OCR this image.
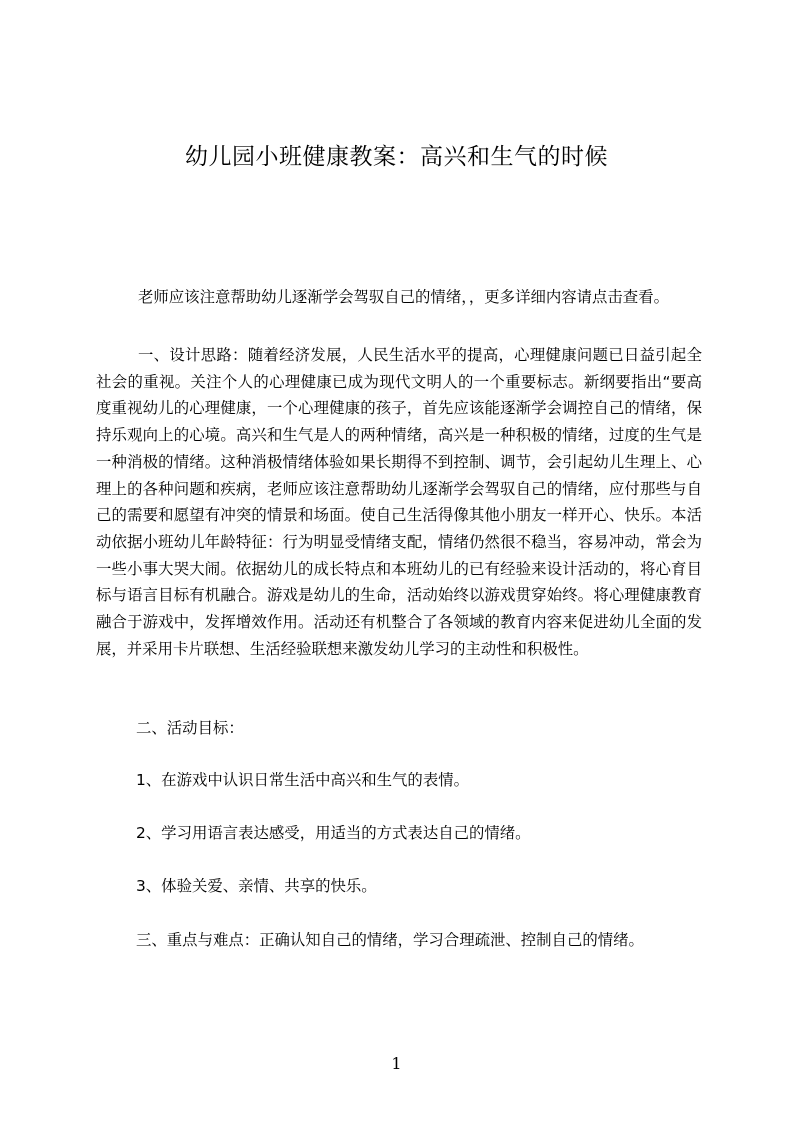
幼儿园小班健康教案：高兴和生气的时候

老师应该注意帮助幼儿逐渐学会驾驭自己的情绪，，更多详细内容请点击查看。

一、设计思路：随着经济发展，人民生活水平的提高，心理健康问题已日益引起全社会的重视。关注个人的心理健康已成为现代文明人的一个重要标志。新纲要指出“要高度重视幼儿的心理健康，一个心理健康的孩子，首先应该能逐渐学会调控自己的情绪，保持乐观向上的心境。高兴和生气是人的两种情绪，高兴是一种积极的情绪，过度的生气是一种消极的情绪。这种消极情绪体验如果长期得不到控制、调节，会引起幼儿生理上、心理上的各种问题和疾病，老师应该注意帮助幼儿逐渐学会驾驭自己的情绪，应付那些与自己的需要和愿望有冲突的情景和场面。使自己生活得像其他小朋友一样开心、快乐。本活动依据小班幼儿年龄特征：行为明显受情绪支配，情绪仍然很不稳当，容易冲动，常会为一些小事大哭大闹。依据幼儿的成长特点和本班幼儿的已有经验来设计活动的，将心育目标与语言目标有机融合。游戏是幼儿的生命，活动始终以游戏贯穿始终。将心理健康教育融合于游戏中，发挥增效作用。活动还有机整合了各领域的教育内容来促进幼儿全面的发展，并采用卡片联想、生活经验联想来激发幼儿学习的主动性和积极性。

二、活动目标：

1、在游戏中认识日常生活中高兴和生气的表情。

2、学习用语言表达感受，用适当的方式表达自己的情绪。

3、体验关爱、亲情、共享的快乐。

三、重点与难点：正确认知自己的情绪，学习合理疏泄、控制自己的情绪。

1
